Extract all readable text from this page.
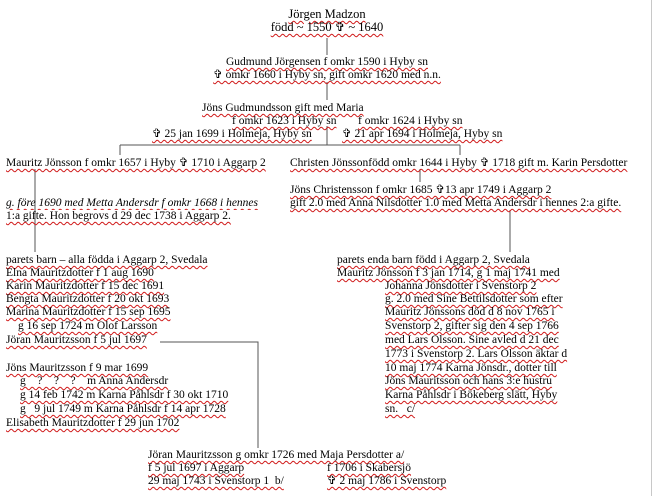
Jörgen Madzon
född ~ 1550 ✞ ~ 1640
Gudmund Jörgensen f omkr 1590 i Hyby sn
✞ omkr 1660 i Hyby sn, gift omkr 1620 med n.n.
Jöns Gudmundsson gift med Maria
f omkr 1623 i Hyby sn f omkr 1624 i Hyby sn
✞ 25 jan 1699 i Holmeja, Hyby sn	✞ 21 apr 1694 i Holmeja, Hyby sn
Mauritz Jönsson f omkr 1657 i Hyby ✞ 1710 i Aggarp 2
g. före 1690 med Metta Andersdr f omkr 1668 i hennes
1:a gifte. Hon begrovs d 29 dec 1738 i Aggarp 2.
Christen Jönssonfödd omkr 1644 i Hyby ✞ 1718 gift m. Karin Persdotter
Jöns Christensson f omkr 1685 ✞13 apr 1749 i Aggarp 2
gift 2.0 med Anna Nilsdotter 1.0 med Metta Andersdr i hennes 2:a gifte.
parets barn – alla födda i Aggarp 2, Svedala
Elna Mauritzdotter f 1 aug 1690
Karin Mauritzdotter f 15 dec 1691
Bengta Mauritzdotter f 20 okt 1693
Marina Mauritzdotter f 15 sep 1695
g 16 sep 1724 m Olof Larsson
Jöran Mauritzsson f 5 jul 1697
Jöns Mauritzsson f 9 mar 1699
g    ?    ?    ?    m Anna Andersdr
g 14 feb 1742 m Karna Påhlsdr f 30 okt 1710
g   9 jul 1749 m Karna Påhlsdr f 14 apr 1728
Elisabeth Mauritzdotter f 29 jun 1702
parets enda barn född i Aggarp 2, Svedala
Mauritz Jönsson f 3 jan 1714, g 1 maj 1741 med
Johanna Jönsdotter i Svenstorp 2
g. 2.0 med Sine Bettilsdotter som efter
Mauritz Jönssons död d 8 nov 1765 i
Svenstorp 2, gifter sig den 4 sep 1766
med Lars Olsson. Sine avled d 21 dec
1773 i Svenstorp 2. Lars Olsson äktar d
10 maj 1774 Karna Jönsdr., dotter till
Jöns Mauritsson och hans 3:e hustru
Karna Påhlsdr i Bökeberg slätt, Hyby
sn.   c/
Jöran Mauritzsson g omkr 1726 med Maja Persdotter a/
f 5 jul 1697 i Aggarp	f 1706 i Skabersjö
29 maj 1743 i Svenstorp 1  b/	✞ 2 maj 1786 i Svenstorp
